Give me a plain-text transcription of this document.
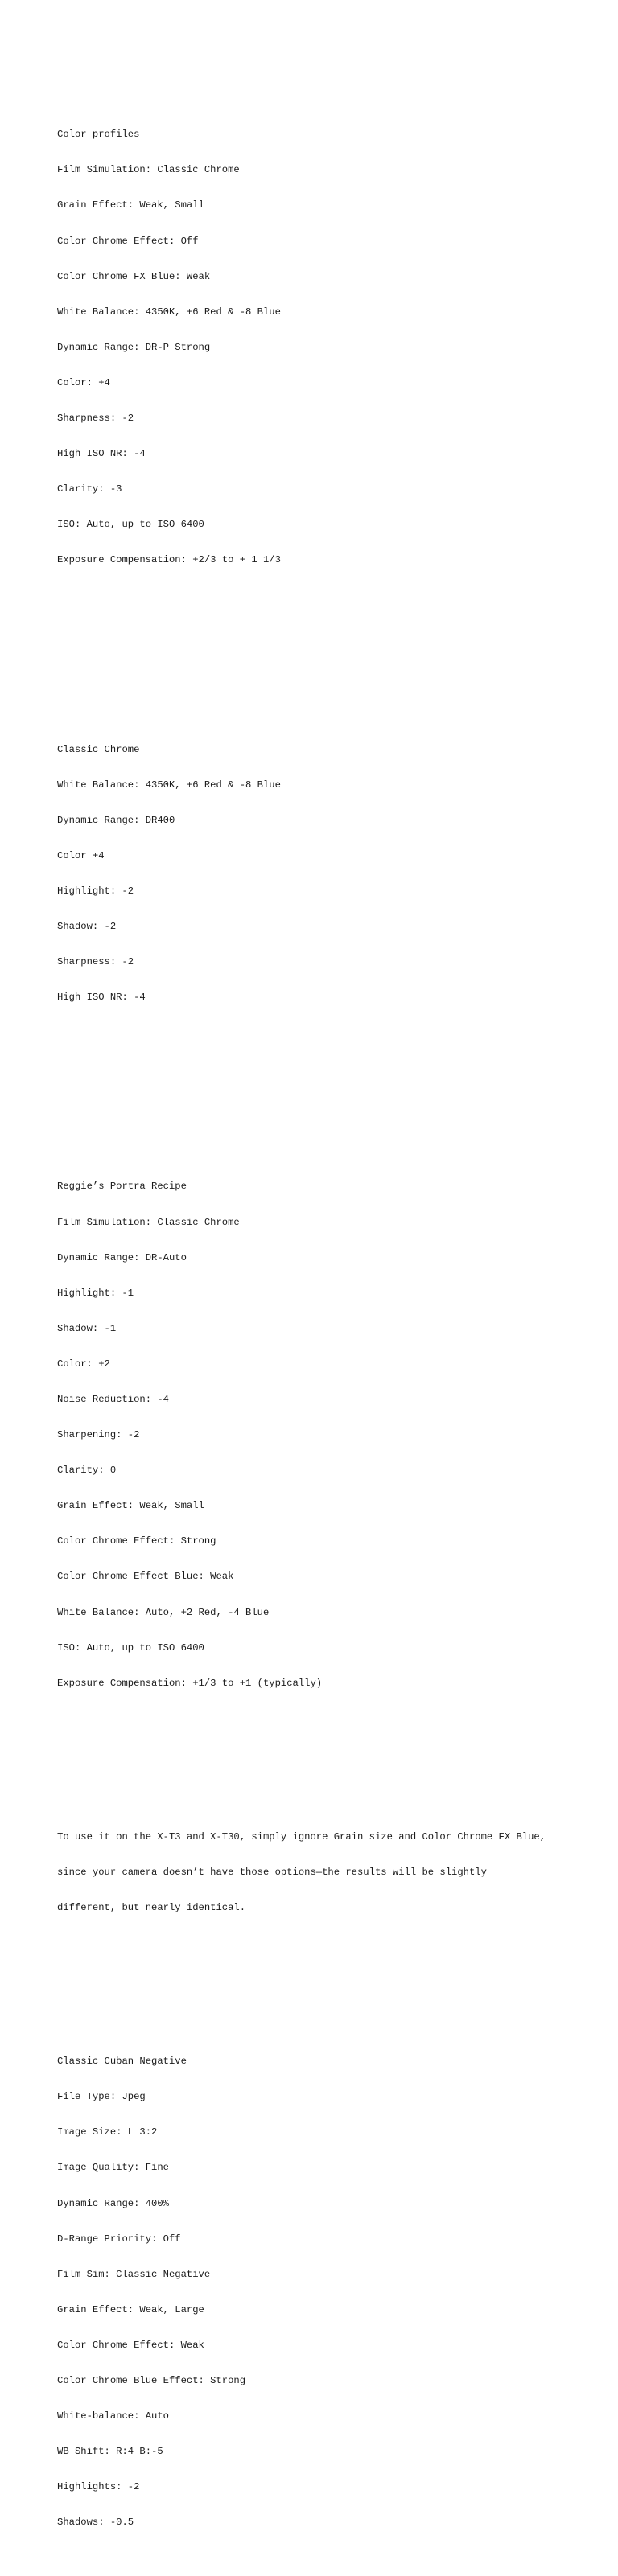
Color profiles

Film Simulation: Classic Chrome

Grain Effect: Weak, Small

Color Chrome Effect: Off

Color Chrome FX Blue: Weak

White Balance: 4350K, +6 Red & -8 Blue

Dynamic Range: DR-P Strong

Color: +4

Sharpness: -2

High ISO NR: -4

Clarity: -3

ISO: Auto, up to ISO 6400

Exposure Compensation: +2/3 to + 1 1/3

Classic Chrome

White Balance: 4350K, +6 Red & -8 Blue

Dynamic Range: DR400

Color +4

Highlight: -2

Shadow: -2

Sharpness: -2

High ISO NR: -4

Reggie’s Portra Recipe

Film Simulation: Classic Chrome

Dynamic Range: DR-Auto

Highlight: -1

Shadow: -1

Color: +2

Noise Reduction: -4

Sharpening: -2

Clarity: 0

Grain Effect: Weak, Small

Color Chrome Effect: Strong

Color Chrome Effect Blue: Weak

White Balance: Auto, +2 Red, -4 Blue

ISO: Auto, up to ISO 6400

Exposure Compensation: +1/3 to +1 (typically)

To use it on the X-T3 and X-T30, simply ignore Grain size and Color Chrome FX Blue,

since your camera doesn’t have those options—the results will be slightly

different, but nearly identical.

Classic Cuban Negative

File Type: Jpeg

Image Size: L 3:2

Image Quality: Fine

Dynamic Range: 400%

D-Range Priority: Off

Film Sim: Classic Negative

Grain Effect: Weak, Large

Color Chrome Effect: Weak

Color Chrome Blue Effect: Strong

White-balance: Auto

WB Shift: R:4 B:-5

Highlights: -2

Shadows: -0.5
